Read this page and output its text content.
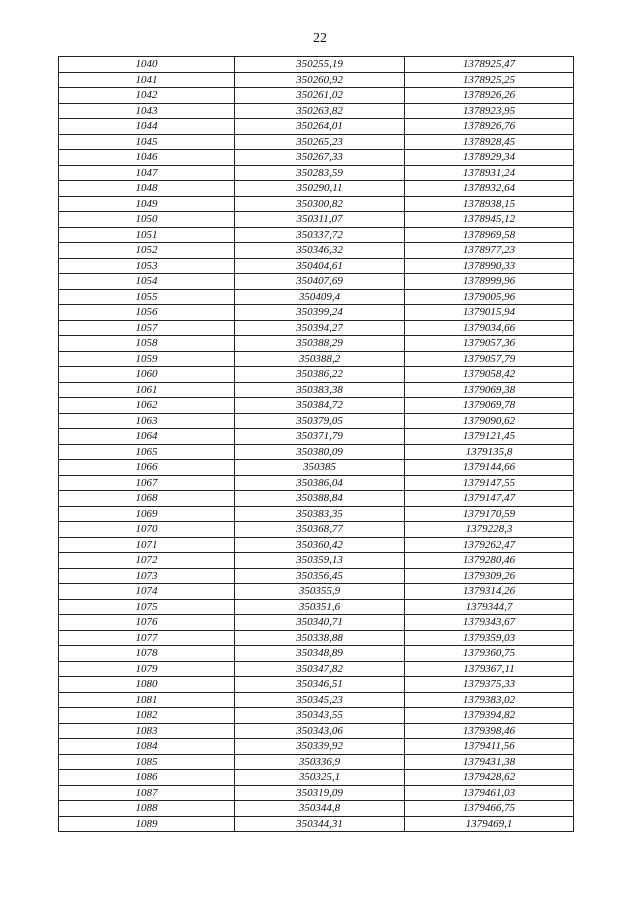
22
1040	350255,19	1378925,47
1041	350260,92	1378925,25
1042	350261,02	1378926,26
1043	350263,82	1378923,95
1044	350264,01	1378926,76
1045	350265,23	1378928,45
1046	350267,33	1378929,34
1047	350283,59	1378931,24
1048	350290,11	1378932,64
1049	350300,82	1378938,15
1050	350311,07	1378945,12
1051	350337,72	1378969,58
1052	350346,32	1378977,23
1053	350404,61	1378990,33
1054	350407,69	1378999,96
1055	350409,4	1379005,96
1056	350399,24	1379015,94
1057	350394,27	1379034,66
1058	350388,29	1379057,36
1059	350388,2	1379057,79
1060	350386,22	1379058,42
1061	350383,38	1379069,38
1062	350384,72	1379069,78
1063	350379,05	1379090,62
1064	350371,79	1379121,45
1065	350380,09	1379135,8
1066	350385	1379144,66
1067	350386,04	1379147,55
1068	350388,84	1379147,47
1069	350383,35	1379170,59
1070	350368,77	1379228,3
1071	350360,42	1379262,47
1072	350359,13	1379280,46
1073	350356,45	1379309,26
1074	350355,9	1379314,26
1075	350351,6	1379344,7
1076	350340,71	1379343,67
1077	350338,88	1379359,03
1078	350348,89	1379360,75
1079	350347,82	1379367,11
1080	350346,51	1379375,33
1081	350345,23	1379383,02
1082	350343,55	1379394,82
1083	350343,06	1379398,46
1084	350339,92	1379411,56
1085	350336,9	1379431,38
1086	350325,1	1379428,62
1087	350319,09	1379461,03
1088	350344,8	1379466,75
1089	350344,31	1379469,1
